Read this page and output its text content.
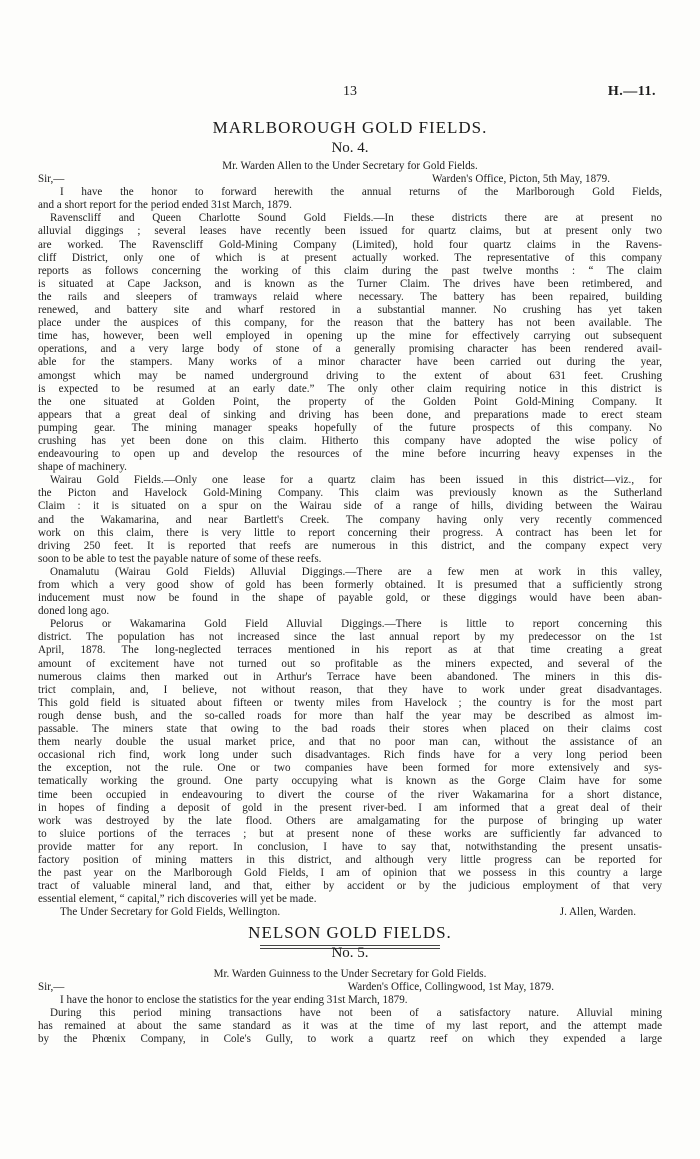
13	H.—11.
MARLBOROUGH GOLD FIELDS.
No. 4.
Mr. Warden Allen to the Under Secretary for Gold Fields.
Sir,—	Warden's Office, Picton, 5th May, 1879.
I have the honor to forward herewith the annual returns of the Marlborough Gold Fields,
and a short report for the period ended 31st March, 1879.
Ravenscliff and Queen Charlotte Sound Gold Fields.—In these districts there are at present no
alluvial diggings ; several leases have recently been issued for quartz claims, but at present only two
are worked. The Ravenscliff Gold-Mining Company (Limited), hold four quartz claims in the Ravens-
cliff District, only one of which is at present actually worked. The representative of this company
reports as follows concerning the working of this claim during the past twelve months : “ The claim
is situated at Cape Jackson, and is known as the Turner Claim. The drives have been retimbered, and
the rails and sleepers of tramways relaid where necessary. The battery has been repaired, building
renewed, and battery site and wharf restored in a substantial manner. No crushing has yet taken
place under the auspices of this company, for the reason that the battery has not been available. The
time has, however, been well employed in opening up the mine for effectively carrying out subsequent
operations, and a very large body of stone of a generally promising character has been rendered avail-
able for the stampers. Many works of a minor character have been carried out during the year,
amongst which may be named underground driving to the extent of about 631 feet. Crushing
is expected to be resumed at an early date.” The only other claim requiring notice in this district is
the one situated at Golden Point, the property of the Golden Point Gold-Mining Company. It
appears that a great deal of sinking and driving has been done, and preparations made to erect steam
pumping gear. The mining manager speaks hopefully of the future prospects of this company. No
crushing has yet been done on this claim. Hitherto this company have adopted the wise policy of
endeavouring to open up and develop the resources of the mine before incurring heavy expenses in the
shape of machinery.
Wairau Gold Fields.—Only one lease for a quartz claim has been issued in this district—viz., for
the Picton and Havelock Gold-Mining Company. This claim was previously known as the Sutherland
Claim : it is situated on a spur on the Wairau side of a range of hills, dividing between the Wairau
and the Wakamarina, and near Bartlett's Creek. The company having only very recently commenced
work on this claim, there is very little to report concerning their progress. A contract has been let for
driving 250 feet. It is reported that reefs are numerous in this district, and the company expect very
soon to be able to test the payable nature of some of these reefs.
Onamalutu (Wairau Gold Fields) Alluvial Diggings.—There are a few men at work in this valley,
from which a very good show of gold has been formerly obtained. It is presumed that a sufficiently strong
inducement must now be found in the shape of payable gold, or these diggings would have been aban-
doned long ago.
Pelorus or Wakamarina Gold Field Alluvial Diggings.—There is little to report concerning this
district. The population has not increased since the last annual report by my predecessor on the 1st
April, 1878. The long-neglected terraces mentioned in his report as at that time creating a great
amount of excitement have not turned out so profitable as the miners expected, and several of the
numerous claims then marked out in Arthur's Terrace have been abandoned. The miners in this dis-
trict complain, and, I believe, not without reason, that they have to work under great disadvantages.
This gold field is situated about fifteen or twenty miles from Havelock ; the country is for the most part
rough dense bush, and the so-called roads for more than half the year may be described as almost im-
passable. The miners state that owing to the bad roads their stores when placed on their claims cost
them nearly double the usual market price, and that no poor man can, without the assistance of an
occasional rich find, work long under such disadvantages. Rich finds have for a very long period been
the exception, not the rule. One or two companies have been formed for more extensively and sys-
tematically working the ground. One party occupying what is known as the Gorge Claim have for some
time been occupied in endeavouring to divert the course of the river Wakamarina for a short distance,
in hopes of finding a deposit of gold in the present river-bed. I am informed that a great deal of their
work was destroyed by the late flood. Others are amalgamating for the purpose of bringing up water
to sluice portions of the terraces ; but at present none of these works are sufficiently far advanced to
provide matter for any report. In conclusion, I have to say that, notwithstanding the present unsatis-
factory position of mining matters in this district, and although very little progress can be reported for
the past year on the Marlborough Gold Fields, I am of opinion that we possess in this country a large
tract of valuable mineral land, and that, either by accident or by the judicious employment of that very
essential element, “ capital,” rich discoveries will yet be made.
The Under Secretary for Gold Fields, Wellington.	J. Allen, Warden.
NELSON GOLD FIELDS.
No. 5.
Mr. Warden Guinness to the Under Secretary for Gold Fields.
Sir,—	Warden's Office, Collingwood, 1st May, 1879.
I have the honor to enclose the statistics for the year ending 31st March, 1879.
During this period mining transactions have not been of a satisfactory nature. Alluvial mining
has remained at about the same standard as it was at the time of my last report, and the attempt made
by the Phœnix Company, in Cole's Gully, to work a quartz reef on which they expended a large
